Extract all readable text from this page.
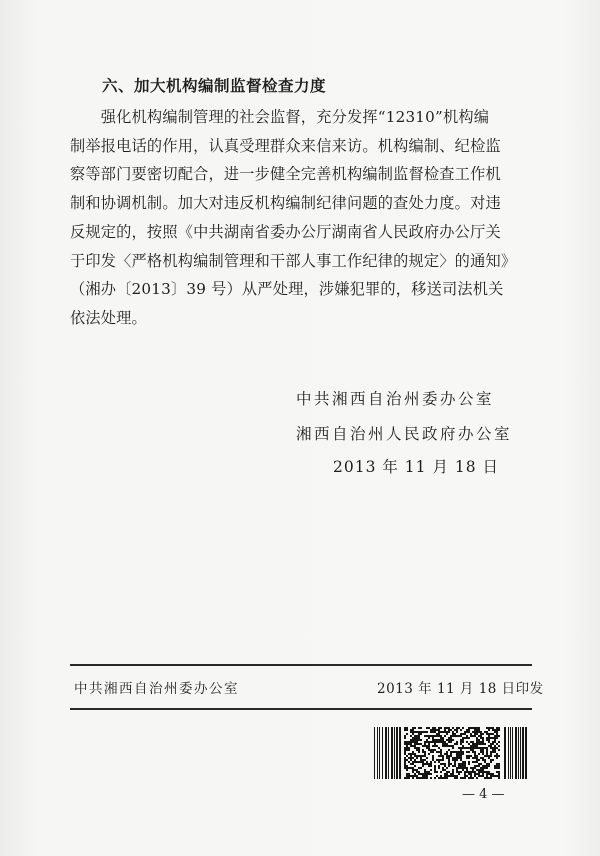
六、加大机构编制监督检查力度

　　强化机构编制管理的社会监督，充分发挥“12310”机构编

制举报电话的作用，认真受理群众来信来访。机构编制、纪检监

察等部门要密切配合，进一步健全完善机构编制监督检查工作机

制和协调机制。加大对违反机构编制纪律问题的查处力度。对违

反规定的，按照《中共湖南省委办公厅湖南省人民政府办公厅关

于印发〈严格机构编制管理和干部人事工作纪律的规定〉的通知》

（湘办〔2013〕39 号）从严处理，涉嫌犯罪的，移送司法机关

依法处理。

中共湘西自治州委办公室
湘西自治州人民政府办公室
2013 年 11 月 18 日
中共湘西自治州委办公室	2013 年 11 月 18 日印发
— 4 —
